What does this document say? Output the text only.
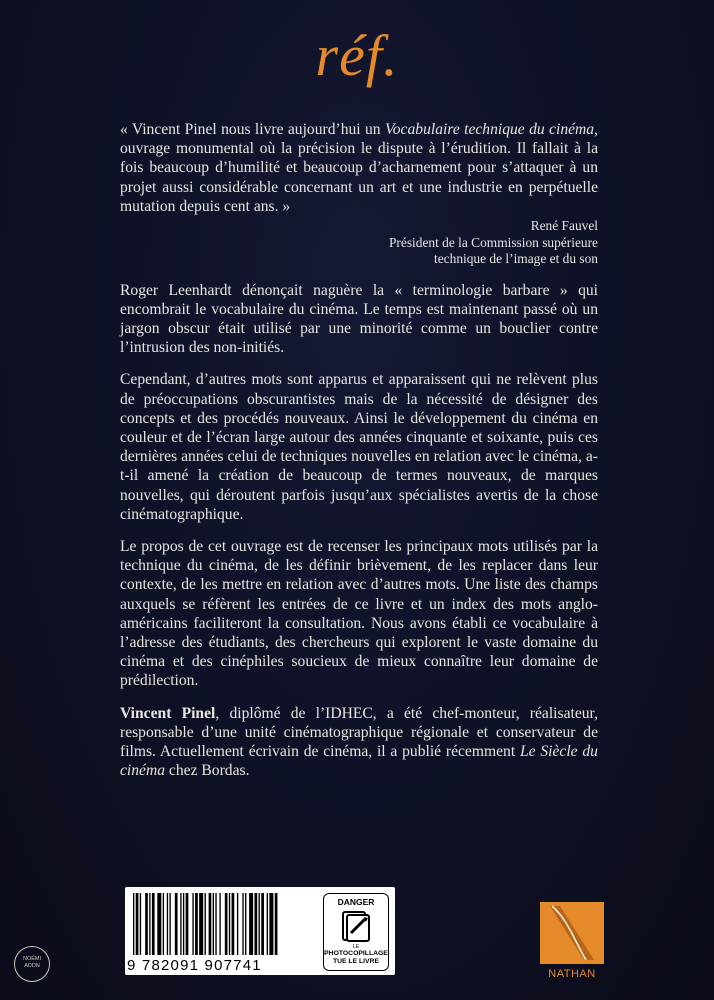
réf.

« Vincent Pinel nous livre aujourd’hui un Vocabulaire technique du cinéma, ouvrage monumental où la précision le dispute à l’érudition. Il fallait à la fois beaucoup d’humilité et beaucoup d’acharnement pour s’attaquer à un projet aussi considérable concernant un art et une industrie en perpétuelle mutation depuis cent ans. »

René Fauvel
Président de la Commission supérieure
technique de l’image et du son

Roger Leenhardt dénonçait naguère la « terminologie barbare » qui encombrait le vocabulaire du cinéma. Le temps est maintenant passé où un jargon obscur était utilisé par une minorité comme un bouclier contre l’intrusion des non-initiés.

Cependant, d’autres mots sont apparus et apparaissent qui ne relèvent plus de préoccupations obscurantistes mais de la nécessité de désigner des concepts et des procédés nouveaux. Ainsi le développement du cinéma en couleur et de l’écran large autour des années cinquante et soixante, puis ces dernières années celui de techniques nouvelles en relation avec le cinéma, a-t-il amené la création de beaucoup de termes nouveaux, de marques nouvelles, qui déroutent parfois jusqu’aux spécialistes avertis de la chose cinématographique.

Le propos de cet ouvrage est de recenser les principaux mots utilisés par la technique du cinéma, de les définir brièvement, de les replacer dans leur contexte, de les mettre en relation avec d’autres mots. Une liste des champs auxquels se réfèrent les entrées de ce livre et un index des mots anglo-américains faciliteront la consultation. Nous avons établi ce vocabulaire à l’adresse des étudiants, des chercheurs qui explorent le vaste domaine du cinéma et des cinéphiles soucieux de mieux connaître leur domaine de prédilection.

Vincent Pinel, diplômé de l’IDHEC, a été chef-monteur, réalisateur, responsable d’une unité cinématographique régionale et conservateur de films. Actuellement écrivain de cinéma, il a publié récemment Le Siècle du cinéma chez Bordas.

NOÉMI ADDN	9 782091 907741
DANGER
LE
PHOTOCOPILLAGE
TUE LE LIVRE
NATHAN
